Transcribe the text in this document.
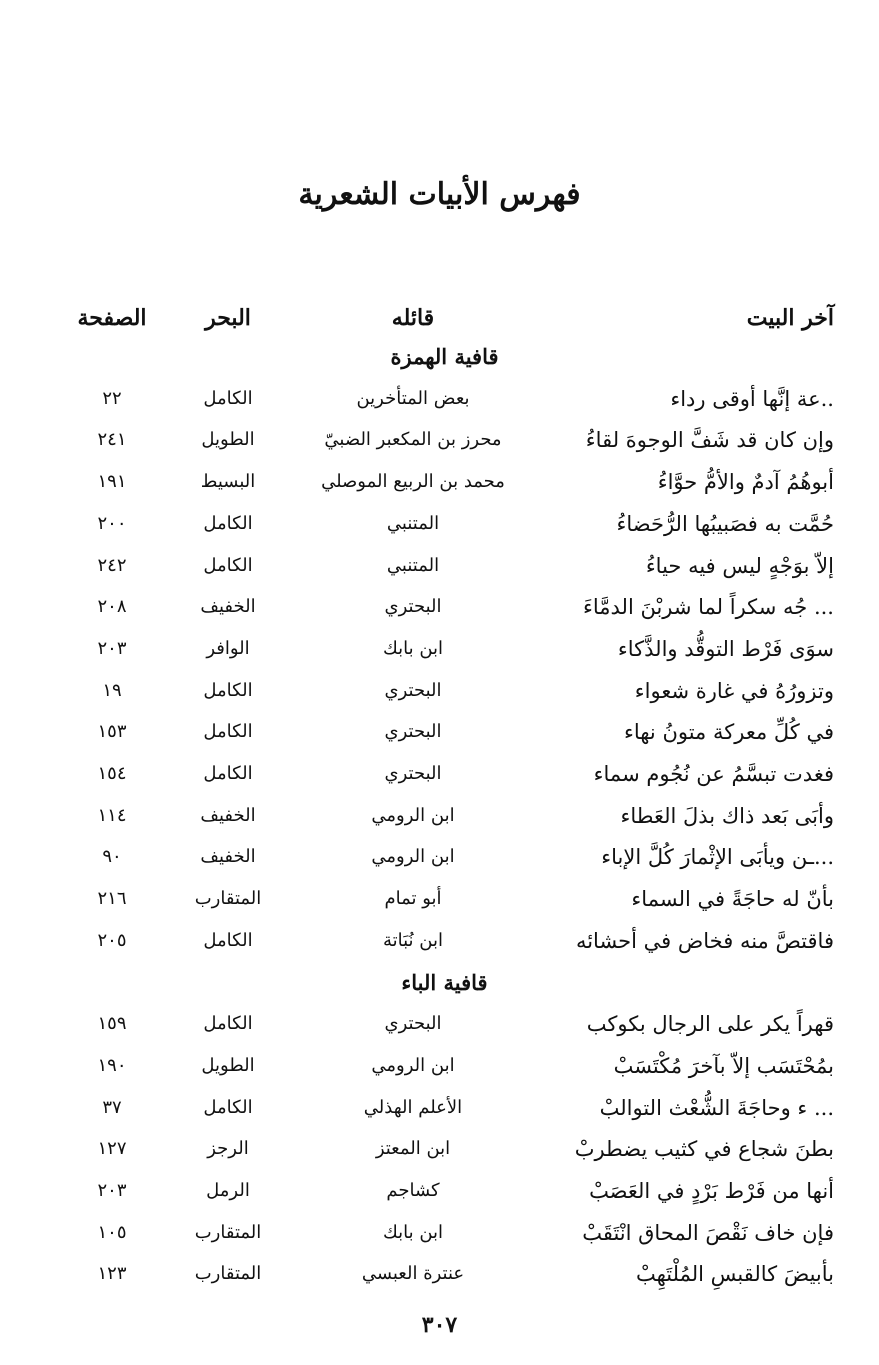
فهرس الأبيات الشعرية
آخر البيت
قائله
البحر
الصفحة
قافية الهمزة
..عة إنَّها أوقى رداء
بعض المتأخرين
الكامل
٢٢
وإن كان قد شَفَّ الوجوهَ لقاءُ
محرز بن المكعبر الضبيّ
الطويل
٢٤١
أبوهُمُ آدمٌ والأمُّ حوَّاءُ
محمد بن الربيع الموصلي
البسيط
١٩١
حُمَّت به فصَبيبُها الرُّحَضاءُ
المتنبي
الكامل
٢٠٠
إلاّ بوَجْهٍ ليس فيه حياءُ
المتنبي
الكامل
٢٤٢
... جُه سكراً لما شربْنَ الدمَّاءَ
البحتري
الخفيف
٢٠٨
سوَى فَرْط التوقُّد والذَّكاء
ابن بابك
الوافر
٢٠٣
وتزورُهُ في غارة شعواء
البحتري
الكامل
١٩
في كُلِّ معركة متونُ نهاء
البحتري
الكامل
١٥٣
فغدت تبسَّمُ عن نُجُوم سماء
البحتري
الكامل
١٥٤
وأبَى بَعد ذاك بذلَ العَطاء
ابن الرومي
الخفيف
١١٤
...ـن ويأبَى الإثْمارَ كُلَّ الإباء
ابن الرومي
الخفيف
٩٠
بأنّ له حاجَةً في السماء
أبو تمام
المتقارب
٢١٦
فاقتصَّ منه فخاض في أحشائه
ابن نُبَاتة
الكامل
٢٠٥
قافية الباء
قهراً يكر على الرجال بكوكب
البحتري
الكامل
١٥٩
بمُحْتَسَب إلاّ بآخرَ مُكْتَسَبْ
ابن الرومي
الطويل
١٩٠
... ء وحاجَةَ الشُّعْث التوالبْ
الأعلم الهذلي
الكامل
٣٧
بطنَ شجاع في كثيب يضطربْ
ابن المعتز
الرجز
١٢٧
أنها من فَرْط بَرْدٍ في العَصَبْ
كشاجم
الرمل
٢٠٣
فإن خاف نَقْصَ المحاق انْتَقَبْ
ابن بابك
المتقارب
١٠٥
بأبيضَ كالقبسِ المُلْتَهِبْ
عنترة العبسي
المتقارب
١٢٣
٣٠٧
